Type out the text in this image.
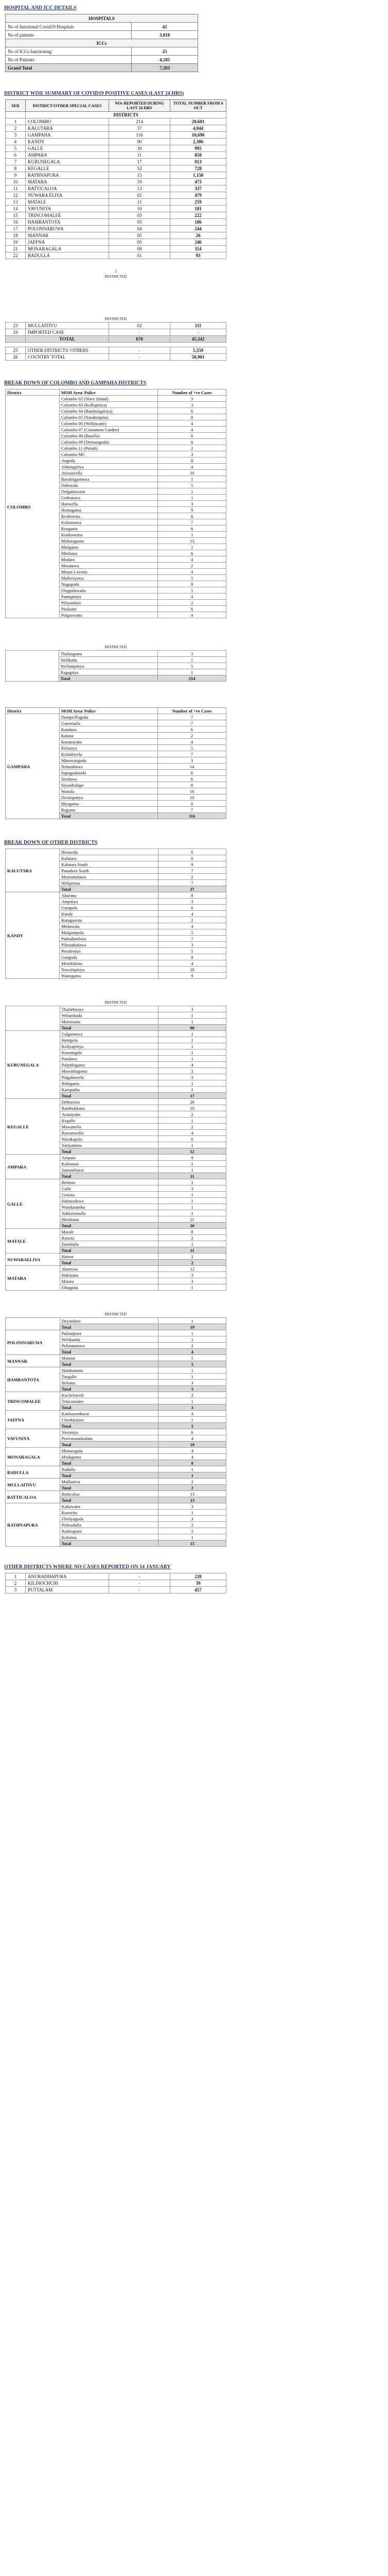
HOSPITAL AND ICC DETAILS
HOSPITALS	
No of functional Covid19 Hospitals	42
No of patients	3,018
ICCs	
No of ICCs functioning	25
No of Patients	4,185
Grand Total	7,203
DISTRICT WISE SUMMARY OF COVID19 POSITIVE CASES (LAST 24 HRS)
SER	DISTRICT/OTHER SPECIAL CASES	NOs REPORTED DURING LAST 24 HRS	TOTAL NUMBER FROM 4 OCT
	DISTRICTS		
1	COLOMBO	214	20,601
2	KALUTARA	37	4,044
3	GAMPAHA	116	10,696
4	KANDY	90	2,386
5	GALLE	30	995
6	AMPARA	11	858
7	KURUNEGALA	17	913
8	KEGALLE	52	728
9	RATHNAPURA	15	1,150
10	MATARA	19	473
11	BATTICALOA	13	337
12	NUWARA ELIYA	02	479
13	MATALE	11	259
14	VAVUNIYA	10	181
15	TRINCOMALEE	03	222
16	HAMBANTOTA	05	186
17	POLONNARUWA	04	244
18	MANNAR	05	26
19	JAFFNA	05	246
21	MONARAGALA	08	114
22	BADULLA	01	93
2
RESTRICTED
RESTRICTED
23	MULLAITIVU	02	111
24	IMPORTED CASE	-	-
	TOTAL	670	45,342
25	OTHER DISTRICTS/ OTHERS	-	5,559
26	COUNTRY TOTAL	-	50,901
BREAK DOWN OF COLOMBO AND GAMPAHA DISTRICTS
District	MOH Area/ Police	Number of +ve Cases
COLOMBO	Colombo 02 (Slave Island)	3
	Colombo 03 (Kollupitiya)	3
	Colombo 04 (Bambalapitiya)	6
	Colombo 05 (Narahenpita)	8
	Colombo 06 (Wellawatte)	4
	Colombo 07 (Cinnamon Garden)	4
	Colombo 08 (Borella)	6
	Colombo 09 (Dematagoda)	6
	Colombo 11 (Pettah)	2
	Colombo MC	3
	Angoda	8
	Athurugiriya	4
	Avissawella	10
	Boralesgamuwa	1
	Dehiwala	5
	Delgahawatta	1
	Gothatuwa	1
	Hanwella	3
	Homagama	9
	Kesbewata	6
	Kolonnawa	7
	Kosgama	6
	Kotikawatta	1
	Maharagama	13
	Mirigama	1
	Mirihana	6
	Modara	4
	Moratuwa	2
	Mount Lavinia	4
	Mulleriyawa	5
	Nugegoda	8
	Orugodawatta	5
	Pannipitiya	4
	Piliyandala	2
	Pitakotte	6
	Polgaswatta	4
RESTRICTED
	Thalangama	3
	Welikada	1
	Wellampitiya	5
	Ragagriya	1
	Total	214
District	MOH Area/ Police	Number of +ve Cases
GAMPAHA	Dompe/Pugoda	7
	Ganemulla	7
	Kandana	6
	Katana	2
	Katunayake	4
	Kelaniya	5
	Kirindiwela	7
	Minuwangoda	3
	Nittambuwa	14
	Sapugaskanda	6
	Seeduwa	6
	Siyambalape	8
	Wattala	16
	Divulapitiya	10
	Biyagama	8
	Ragama	7
	Total	116
BREAK DOWN OF OTHER DISTRICTS
KALUTARA	Beruwala	6
	Kalutara	6
	Kalutara South	9
	Panadura South	7
	Morontuduwa	2
	Welipenna	7
	Total	37
KANDY	Akurana	8
	Ampitiya	3
	Gampola	6
	Kandy	4
	Katugastota	2
	Medawala	4
	Mulgampola	5
	Pathadumbara	7
	Pilimathalawa	3
	Peradeniya	5
	Gangoda	8
	Menikhinna	4
	Nawalapitiya	18
	Wattegama	9
RESTRICTED
	Thalathuoya	3
	Welambada	1
	Marassana	1
	Total	90
KURUNEGALA	Galgamuwa	1
	Hettipola	1
	Kuliyapitiya	1
	Kurunegala	1
	Potuhera	1
	Polpithigama	4
	Mawathagama	2
	Polgahawela	3
	Ridegama	1
	Katupotha	1
	Total	17
KEGALLE	Dehiowita	26
	Rambukkana	10
	Aranayake	2
	Kegalle	1
	Mawanella	2
	Ruwanwella	4
	Warakapola	6
	Yatiyantota	1
	Total	52
AMPARA	Ampara	9
	Kalmunai	1
	Samanthurai	1
	Total	11
GALLE	Bentota	2
	Galle	3
	Gintota	1
	Habaraduwa	1
	Wandurumba	1
	Yakkalamulla	1
	Hiniduma	21
	Total	30
MATALE	Matale	8
	Rattota	2
	Dambulla	1
	Total	11
NUWARAELIYA	Hatton	2
	Total	2
MATARA	Akuressa	12
	Hakmana	3
	Matara	3
	Ethagoda	1
RESTRICTED
	Deyandara	1
	Total	19
POLONNARUWA	Pulastipura	1
	Welikanda	1
	Polonnaruwa	2
	Total	4
MANNAR	Mannar	5
	Total	5
HAMBANTOTA	Hambantota	1
	Tangalle	1
	Beliatta	3
	Total	5
TRINCOMALEE	Kuchchaveli	2
	Trincomalee	1
	Total	3
JAFFNA	Kankasanthurai	4
	Chenkkalam	1
	Total	5
VAVUNIYA	Vavuniya	6
	Poovarasankulam	4
	Total	10
MONARAGALA	Monaragala	4
	Medagama	4
	Total	8
BADULLA	Badulla	1
	Total	1
MULLAITIVU	Mullaitivu	2
	Total	2
BATTICALOA	Batticaloa	13
	Total	13
RATHNAPURA	Kahawatta	3
	Kuruvita	1
	Eheliyagoda	3
	Pelmadulla	2
	Rathnapura	5
	Kolonna	1
	Total	15
OTHER DISTRICTS WHERE NO CASES REPORTED ON 14 JANUARY
1	ANURADHAPURA	-	220
2	KILINOCHCHI	-	39
3	PUTTALAM	-	457
